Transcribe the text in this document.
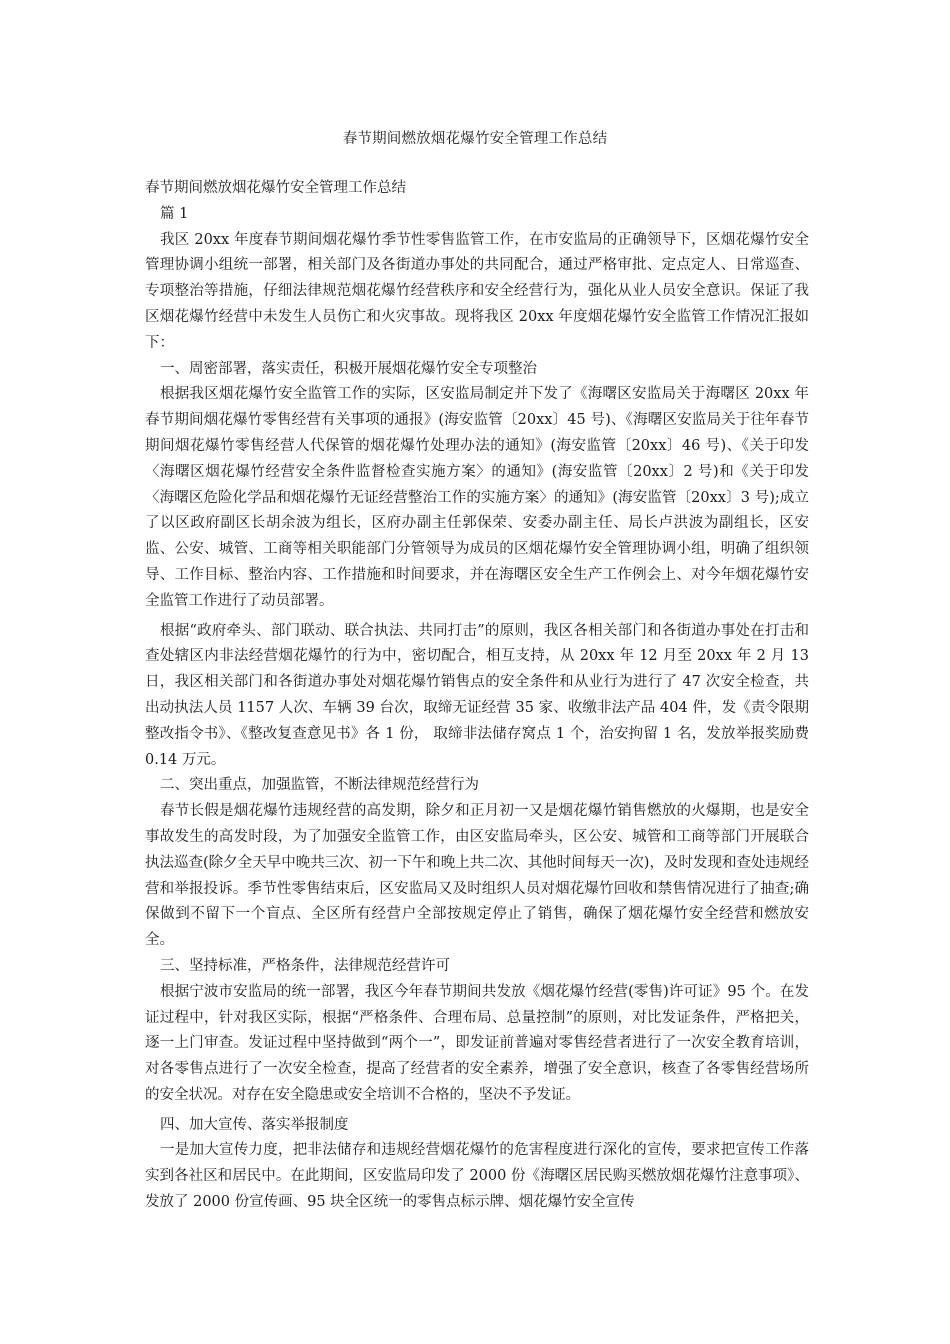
春节期间燃放烟花爆竹安全管理工作总结

春节期间燃放烟花爆竹安全管理工作总结

篇 1

我区 20xx 年度春节期间烟花爆竹季节性零售监管工作，在市安监局的正确领导下，区烟花爆竹安全管理协调小组统一部署，相关部门及各街道办事处的共同配合，通过严格审批、定点定人、日常巡查、专项整治等措施，仔细法律规范烟花爆竹经营秩序和安全经营行为，强化从业人员安全意识。保证了我区烟花爆竹经营中未发生人员伤亡和火灾事故。现将我区 20xx 年度烟花爆竹安全监管工作情况汇报如下：

一、周密部署，落实责任，积极开展烟花爆竹安全专项整治

根据我区烟花爆竹安全监管工作的实际，区安监局制定并下发了《海曙区安监局关于海曙区 20xx 年春节期间烟花爆竹零售经营有关事项的通报》(海安监管〔20xx〕45 号)、《海曙区安监局关于往年春节期间烟花爆竹零售经营人代保管的烟花爆竹处理办法的通知》(海安监管〔20xx〕46 号)、《关于印发〈海曙区烟花爆竹经营安全条件监督检查实施方案〉的通知》(海安监管〔20xx〕2 号)和《关于印发〈海曙区危险化学品和烟花爆竹无证经营整治工作的实施方案〉的通知》(海安监管〔20xx〕3 号);成立了以区政府副区长胡余波为组长，区府办副主任郭保荣、安委办副主任、局长卢洪波为副组长，区安监、公安、城管、工商等相关职能部门分管领导为成员的区烟花爆竹安全管理协调小组，明确了组织领导、工作目标、整治内容、工作措施和时间要求，并在海曙区安全生产工作例会上、对今年烟花爆竹安全监管工作进行了动员部署。

根据“政府牵头、部门联动、联合执法、共同打击”的原则，我区各相关部门和各街道办事处在打击和查处辖区内非法经营烟花爆竹的行为中，密切配合，相互支持，从 20xx 年 12 月至 20xx 年 2 月 13 日，我区相关部门和各街道办事处对烟花爆竹销售点的安全条件和从业行为进行了 47 次安全检查，共出动执法人员 1157 人次、车辆 39 台次，取缔无证经营 35 家、收缴非法产品 404 件，发《责令限期整改指令书》、《整改复查意见书》各 1 份， 取缔非法储存窝点 1 个，治安拘留 1 名，发放举报奖励费 0.14 万元。

二、突出重点，加强监管，不断法律规范经营行为

春节长假是烟花爆竹违规经营的高发期，除夕和正月初一又是烟花爆竹销售燃放的火爆期，也是安全事故发生的高发时段，为了加强安全监管工作，由区安监局牵头，区公安、城管和工商等部门开展联合执法巡查(除夕全天早中晚共三次、初一下午和晚上共二次、其他时间每天一次)，及时发现和查处违规经营和举报投诉。季节性零售结束后，区安监局又及时组织人员对烟花爆竹回收和禁售情况进行了抽查;确保做到不留下一个盲点、全区所有经营户全部按规定停止了销售，确保了烟花爆竹安全经营和燃放安全。

三、坚持标准，严格条件，法律规范经营许可

根据宁波市安监局的统一部署，我区今年春节期间共发放《烟花爆竹经营(零售)许可证》95 个。在发证过程中，针对我区实际，根据“严格条件、合理布局、总量控制”的原则，对比发证条件，严格把关，逐一上门审查。发证过程中坚持做到“两个一”，即发证前普遍对零售经营者进行了一次安全教育培训，对各零售点进行了一次安全检查，提高了经营者的安全素养，增强了安全意识，核查了各零售经营场所的安全状况。对存在安全隐患或安全培训不合格的，坚决不予发证。

四、加大宣传、落实举报制度

一是加大宣传力度，把非法储存和违规经营烟花爆竹的危害程度进行深化的宣传，要求把宣传工作落实到各社区和居民中。在此期间，区安监局印发了 2000 份《海曙区居民购买燃放烟花爆竹注意事项》、发放了 2000 份宣传画、95 块全区统一的零售点标示牌、烟花爆竹安全宣传
